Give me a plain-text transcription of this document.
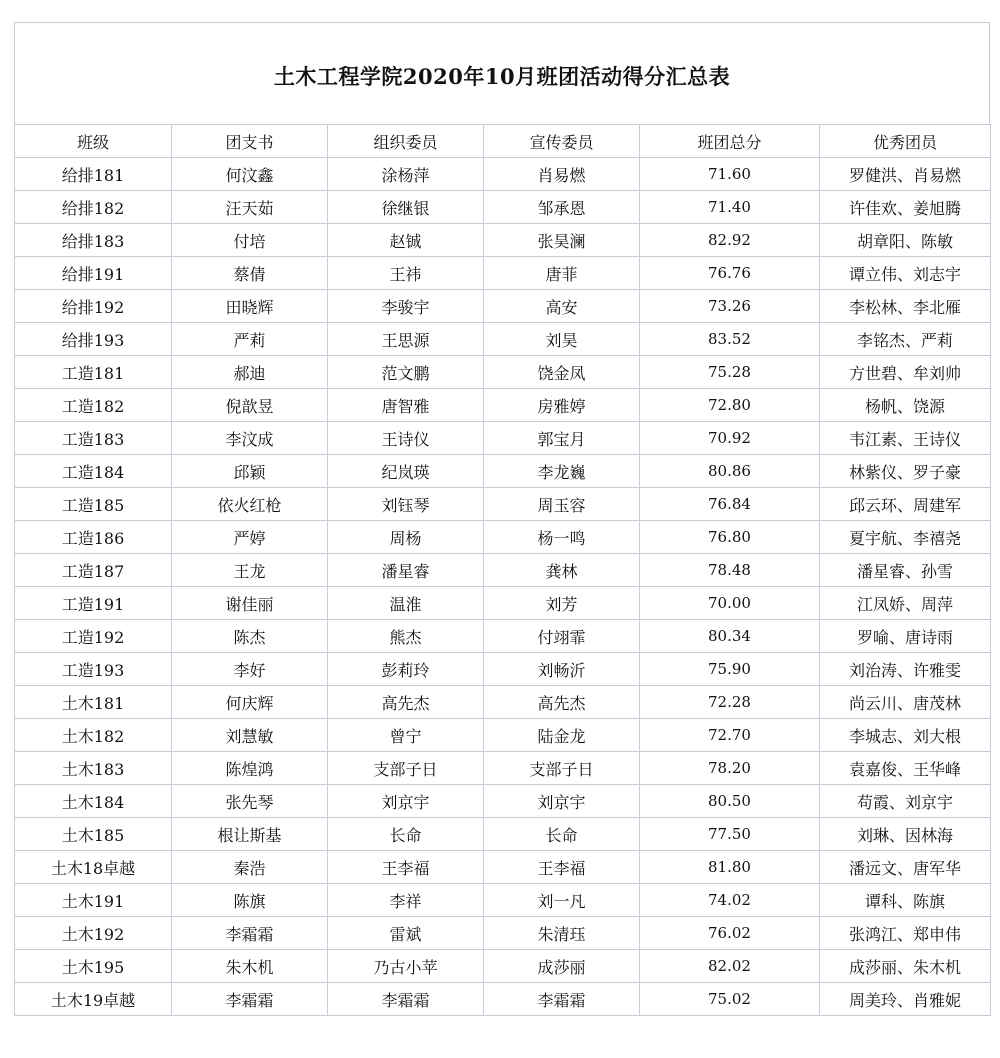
土木工程学院2020年10月班团活动得分汇总表
班级	团支书	组织委员	宣传委员	班团总分	优秀团员
给排181	何汶鑫	涂杨萍	肖易燃	71.60	罗健洪、肖易燃
给排182	汪天茹	徐继银	邹承恩	71.40	许佳欢、姜旭腾
给排183	付培	赵铖	张昊澜	82.92	胡章阳、陈敏
给排191	蔡倩	王祎	唐菲	76.76	谭立伟、刘志宇
给排192	田晓辉	李骏宇	高安	73.26	李松林、李北雁
给排193	严莉	王思源	刘昊	83.52	李铭杰、严莉
工造181	郝迪	范文鹏	饶金凤	75.28	方世碧、牟刘帅
工造182	倪歆昱	唐智雅	房雅婷	72.80	杨帆、饶源
工造183	李汶成	王诗仪	郭宝月	70.92	韦江素、王诗仪
工造184	邱颖	纪岚瑛	李龙巍	80.86	林紫仪、罗子豪
工造185	依火红枪	刘钰琴	周玉容	76.84	邱云环、周建军
工造186	严婷	周杨	杨一鸣	76.80	夏宇航、李禧尧
工造187	王龙	潘星睿	龚林	78.48	潘星睿、孙雪
工造191	谢佳丽	温淮	刘芳	70.00	江凤娇、周萍
工造192	陈杰	熊杰	付翊霏	80.34	罗喻、唐诗雨
工造193	李好	彭莉玲	刘畅沂	75.90	刘治涛、许雅雯
土木181	何庆辉	高先杰	高先杰	72.28	尚云川、唐茂林
土木182	刘慧敏	曾宁	陆金龙	72.70	李城志、刘大根
土木183	陈煌鸿	支部子日	支部子日	78.20	袁嘉俊、王华峰
土木184	张先琴	刘京宇	刘京宇	80.50	苟霞、刘京宇
土木185	根让斯基	长命	长命	77.50	刘琳、因林海
土木18卓越	秦浩	王李福	王李福	81.80	潘远文、唐军华
土木191	陈旗	李祥	刘一凡	74.02	谭科、陈旗
土木192	李霜霜	雷斌	朱清珏	76.02	张鸿江、郑申伟
土木195	朱木机	乃古小苹	成莎丽	82.02	成莎丽、朱木机
土木19卓越	李霜霜	李霜霜	李霜霜	75.02	周美玲、肖雅妮
